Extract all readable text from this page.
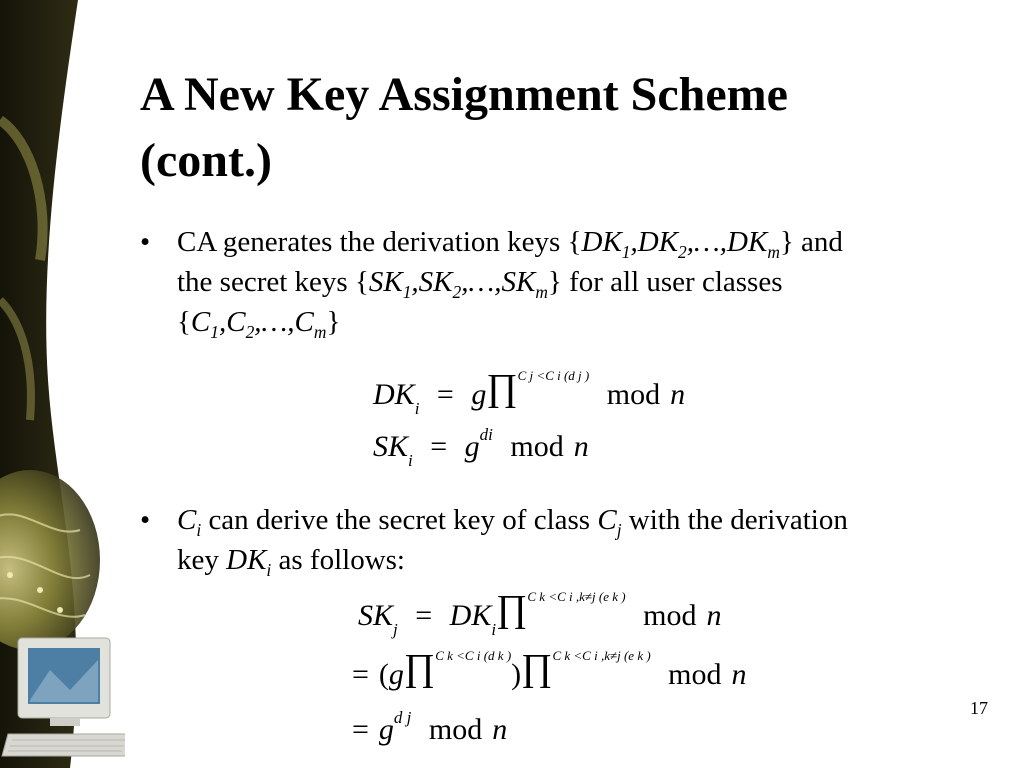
A New Key Assignment Scheme
(cont.)
• CA generates the derivation keys $\{DK_1,DK_2,\dots,DK_m\}$ and
the secret keys $\{SK_1,SK_2,\dots,SK_m\}$ for all user classes
$\{C_1,C_2,\dots,C_m\}$
$DK_i$ = g∏$^{C j <C i (d j )}$ mod n
$SK_i = g^{di}$ mod n
• $C_i$ can derive the secret key of class $C_j$ with the derivation
key $DK_i$ as follows:
$SK_j$ = $DK_i\prod^{C k <C i ,k\ne j (e k )}$ mod n
= (g∏$^{C k <C i (d k )}$)∏$^{C k <C i ,k\ne j (e k )}$ mod n
= $g^{d j}$ mod n
17
